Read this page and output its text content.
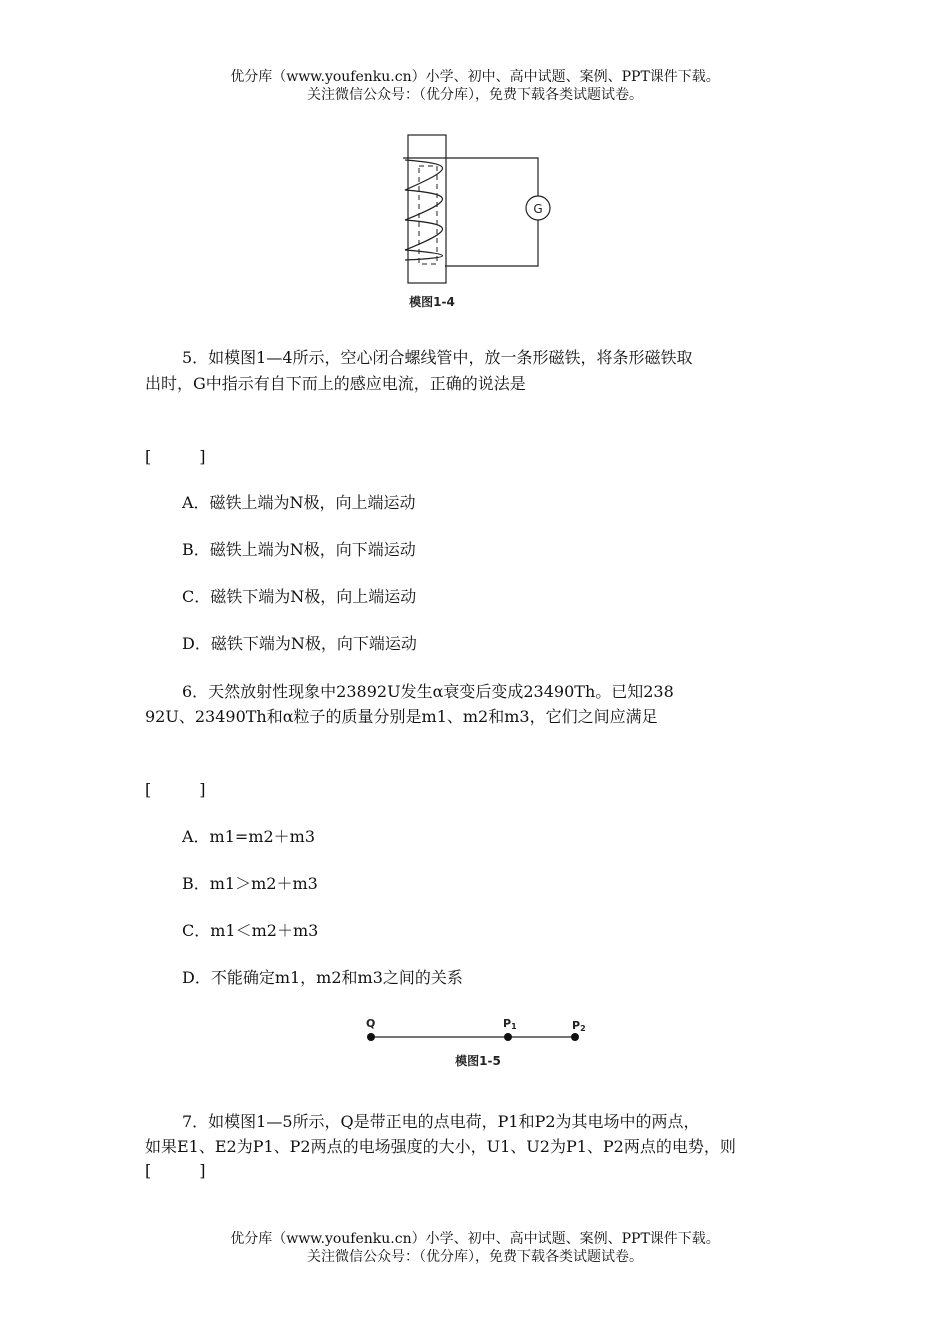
优分库（www.youfenku.cn）小学、初中、高中试题、案例、PPT课件下载。
关注微信公众号：（优分库），免费下载各类试题试卷。
G
模图1-4
5．如模图1—4所示，空心闭合螺线管中，放一条形磁铁，将条形磁铁取
出时，G中指示有自下而上的感应电流，正确的说法是
[　　　]
A．磁铁上端为N极，向上端运动
B．磁铁上端为N极，向下端运动
C．磁铁下端为N极，向上端运动
D．磁铁下端为N极，向下端运动
6．天然放射性现象中23892U发生α衰变后变成23490Th。已知238
92U、23490Th和α粒子的质量分别是m1、m2和m3，它们之间应满足
[　　　]
A．m1=m2＋m3
B．m1＞m2＋m3
C．m1＜m2＋m3
D．不能确定m1，m2和m3之间的关系
Q	P1	P2
模图1-5
7．如模图1—5所示，Q是带正电的点电荷，P1和P2为其电场中的两点，
如果E1、E2为P1、P2两点的电场强度的大小，U1、U2为P1、P2两点的电势，则
[　　　]
优分库（www.youfenku.cn）小学、初中、高中试题、案例、PPT课件下载。
关注微信公众号：（优分库），免费下载各类试题试卷。
